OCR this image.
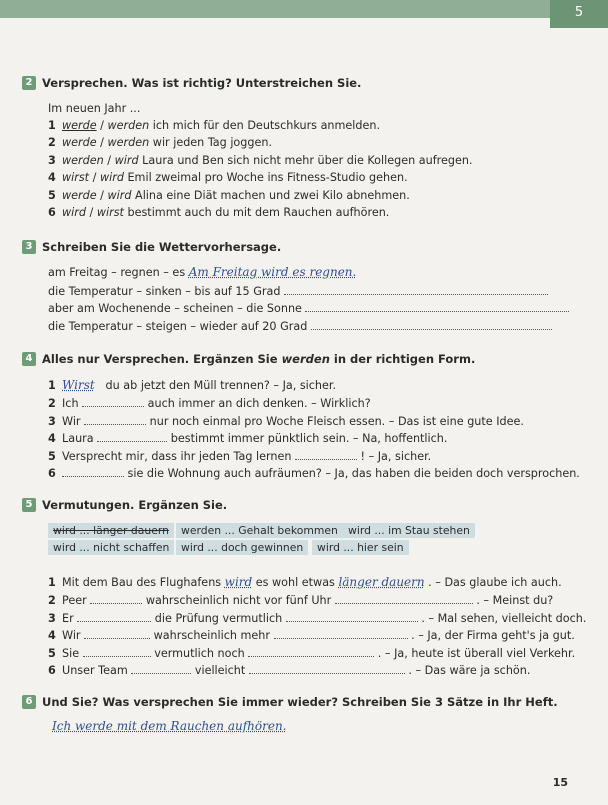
5
2 Versprechen. Was ist richtig? Unterstreichen Sie.
Im neuen Jahr ...
1 werde / werden ich mich für den Deutschkurs anmelden.
2 werde / werden wir jeden Tag joggen.
3 werden / wird Laura und Ben sich nicht mehr über die Kollegen aufregen.
4 wirst / wird Emil zweimal pro Woche ins Fitness-Studio gehen.
5 werde / wird Alina eine Diät machen und zwei Kilo abnehmen.
6 wird / wirst bestimmt auch du mit dem Rauchen aufhören.
3 Schreiben Sie die Wettervorhersage.
am Freitag – regnen – es Am Freitag wird es regnen.
die Temperatur – sinken – bis auf 15 Grad
aber am Wochenende – scheinen – die Sonne
die Temperatur – steigen – wieder auf 20 Grad
4 Alles nur Versprechen. Ergänzen Sie werden in der richtigen Form.
1 Wirst du ab jetzt den Müll trennen? – Ja, sicher.
2 Ich	auch immer an dich denken. – Wirklich?
3 Wir	nur noch einmal pro Woche Fleisch essen. – Das ist eine gute Idee.
4 Laura	bestimmt immer pünktlich sein. – Na, hoffentlich.
5 Versprecht mir, dass ihr jeden Tag lernen	! – Ja, sicher.
6	sie die Wohnung auch aufräumen? – Ja, das haben die beiden doch versprochen.
5 Vermutungen. Ergänzen Sie.
wird ... länger dauern	werden ... Gehalt bekommen wird ... im Stau stehen
wird ... nicht schaffen	wird ... doch gewinnen	wird ... hier sein
1 Mit dem Bau des Flughafens wird es wohl etwas länger dauern . – Das glaube ich auch.
2 Peer	wahrscheinlich nicht vor fünf Uhr	. – Meinst du?
3 Er	die Prüfung vermutlich	. – Mal sehen, vielleicht doch.
4 Wir	wahrscheinlich mehr	. – Ja, der Firma geht's ja gut.
5 Sie	vermutlich noch	. – Ja, heute ist überall viel Verkehr.
6 Unser Team	vielleicht	. – Das wäre ja schön.
6 Und Sie? Was versprechen Sie immer wieder? Schreiben Sie 3 Sätze in Ihr Heft.
Ich werde mit dem Rauchen aufhören.
15
